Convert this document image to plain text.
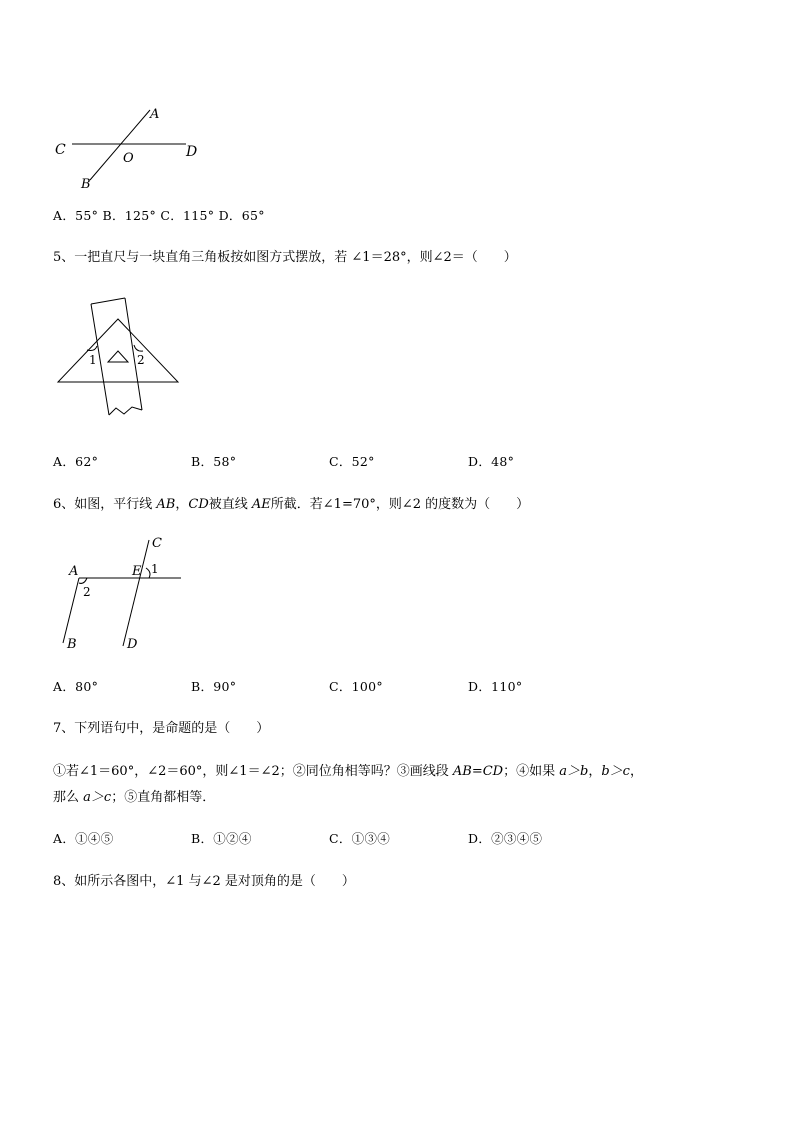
A
C
O	D
B
A．55° B．125° C．115° D．65°
5、一把直尺与一块直角三角板按如图方式摆放，若 ∠1＝28°，则∠2＝（　　）
1	2
A．62°	B．58°	C．52°	D．48°
6、如图，平行线 AB，CD被直线 AE所截．若∠1=70°，则∠2 的度数为（　　）
C
A	E 1
2
B	D
A．80°	B．90°	C．100°	D．110°
7、下列语句中，是命题的是（　　）
①若∠1＝60°，∠2＝60°，则∠1＝∠2；②同位角相等吗？③画线段 AB=CD；④如果 a＞b，b＞c，
那么 a＞c；⑤直角都相等．
A．①④⑤	B．①②④	C．①③④	D．②③④⑤
8、如所示各图中，∠1 与∠2 是对顶角的是（　　）
